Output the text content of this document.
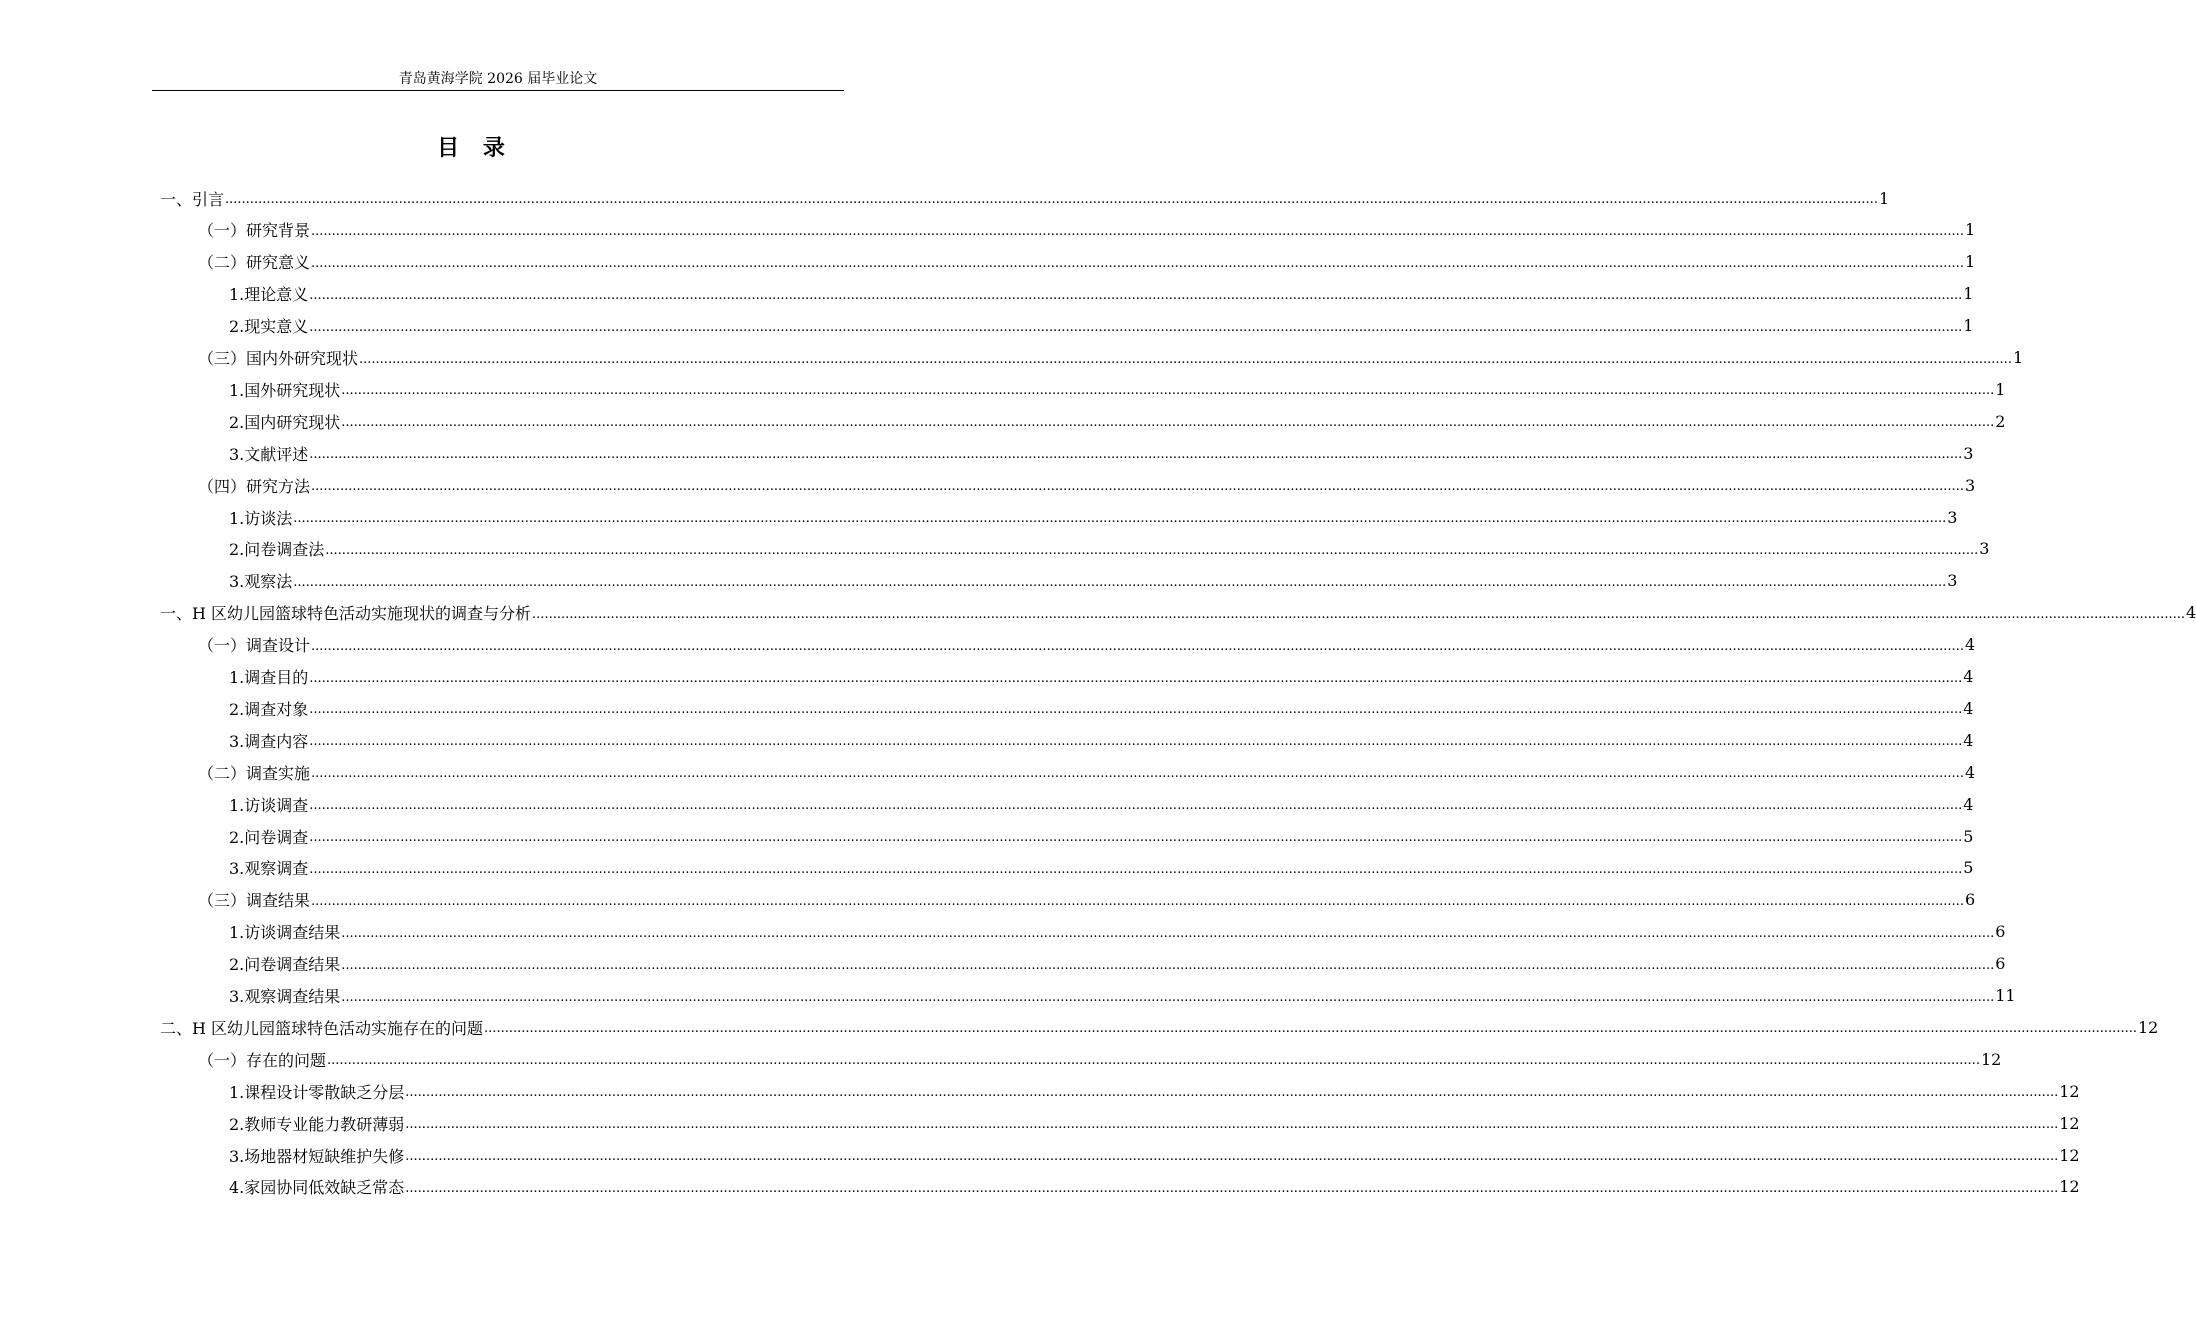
青岛黄海学院 2026 届毕业论文
目 录
一、引言 ................................................................................................................................................................................................................................................................................................................................................................................................................ 1
（一）研究背景 ................................................................................................................................................................................................................................................................................................................................................................................................................ 1
（二）研究意义 ................................................................................................................................................................................................................................................................................................................................................................................................................ 1
1.理论意义 ................................................................................................................................................................................................................................................................................................................................................................................................................ 1
2.现实意义 ................................................................................................................................................................................................................................................................................................................................................................................................................ 1
（三）国内外研究现状 ................................................................................................................................................................................................................................................................................................................................................................................................................ 1
1.国外研究现状 ................................................................................................................................................................................................................................................................................................................................................................................................................ 1
2.国内研究现状 ................................................................................................................................................................................................................................................................................................................................................................................................................ 2
3.文献评述 ................................................................................................................................................................................................................................................................................................................................................................................................................ 3
（四）研究方法 ................................................................................................................................................................................................................................................................................................................................................................................................................ 3
1.访谈法 ................................................................................................................................................................................................................................................................................................................................................................................................................ 3
2.问卷调查法 ................................................................................................................................................................................................................................................................................................................................................................................................................ 3
3.观察法 ................................................................................................................................................................................................................................................................................................................................................................................................................ 3
一、H 区幼儿园篮球特色活动实施现状的调查与分析 ................................................................................................................................................................................................................................................................................................................................................................................................................ 4
（一）调查设计 ................................................................................................................................................................................................................................................................................................................................................................................................................ 4
1.调查目的 ................................................................................................................................................................................................................................................................................................................................................................................................................ 4
2.调查对象 ................................................................................................................................................................................................................................................................................................................................................................................................................ 4
3.调查内容 ................................................................................................................................................................................................................................................................................................................................................................................................................ 4
（二）调查实施 ................................................................................................................................................................................................................................................................................................................................................................................................................ 4
1.访谈调查 ................................................................................................................................................................................................................................................................................................................................................................................................................ 4
2.问卷调查 ................................................................................................................................................................................................................................................................................................................................................................................................................ 5
3.观察调查 ................................................................................................................................................................................................................................................................................................................................................................................................................ 5
（三）调查结果 ................................................................................................................................................................................................................................................................................................................................................................................................................ 6
1.访谈调查结果 ................................................................................................................................................................................................................................................................................................................................................................................................................ 6
2.问卷调查结果 ................................................................................................................................................................................................................................................................................................................................................................................................................ 6
3.观察调查结果 ................................................................................................................................................................................................................................................................................................................................................................................................................ 11
二、H 区幼儿园篮球特色活动实施存在的问题 ................................................................................................................................................................................................................................................................................................................................................................................................................ 12
（一）存在的问题 ................................................................................................................................................................................................................................................................................................................................................................................................................ 12
1.课程设计零散缺乏分层 ................................................................................................................................................................................................................................................................................................................................................................................................................ 12
2.教师专业能力教研薄弱 ................................................................................................................................................................................................................................................................................................................................................................................................................ 12
3.场地器材短缺维护失修 ................................................................................................................................................................................................................................................................................................................................................................................................................ 12
4.家园协同低效缺乏常态 ................................................................................................................................................................................................................................................................................................................................................................................................................ 12
